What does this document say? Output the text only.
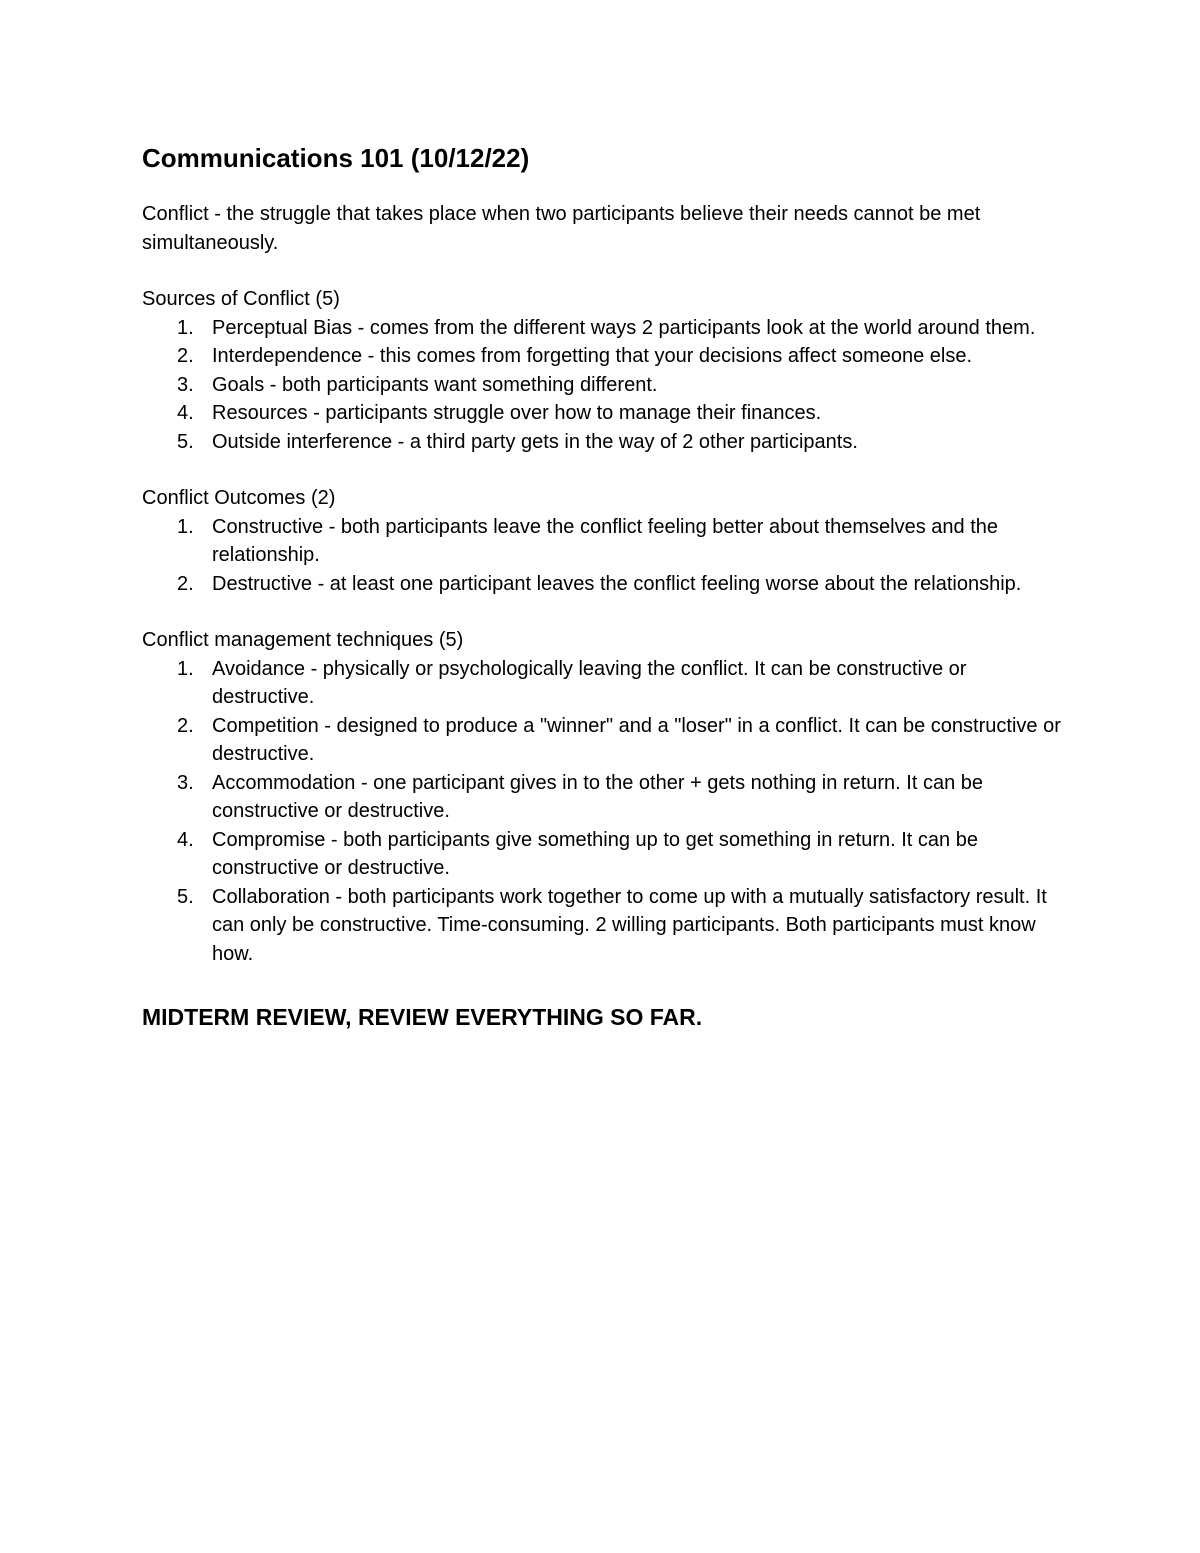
Communications 101 (10/12/22)

Conflict - the struggle that takes place when two participants believe their needs cannot be met simultaneously.

Sources of Conflict (5)

1. Perceptual Bias - comes from the different ways 2 participants look at the world around them.
2. Interdependence - this comes from forgetting that your decisions affect someone else.
3. Goals - both participants want something different.
4. Resources - participants struggle over how to manage their finances.
5. Outside interference - a third party gets in the way of 2 other participants.

Conflict Outcomes (2)

1. Constructive - both participants leave the conflict feeling better about themselves and the relationship.
2. Destructive - at least one participant leaves the conflict feeling worse about the relationship.

Conflict management techniques (5)

1. Avoidance - physically or psychologically leaving the conflict. It can be constructive or destructive.
2. Competition - designed to produce a "winner" and a "loser" in a conflict. It can be constructive or destructive.
3. Accommodation - one participant gives in to the other + gets nothing in return. It can be constructive or destructive.
4. Compromise - both participants give something up to get something in return. It can be constructive or destructive.
5. Collaboration - both participants work together to come up with a mutually satisfactory result. It can only be constructive. Time-consuming. 2 willing participants. Both participants must know how.
MIDTERM REVIEW, REVIEW EVERYTHING SO FAR.
